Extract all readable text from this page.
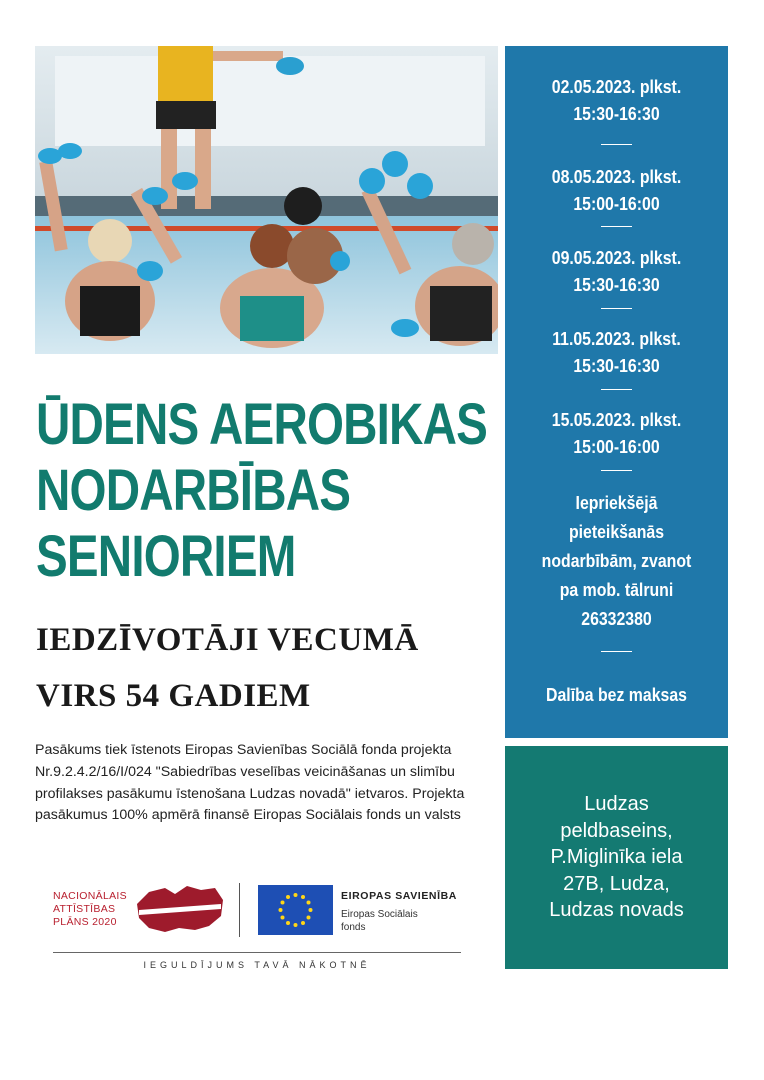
ŪDENS AEROBIKAS
NODARBĪBAS
SENIORIEM
IEDZĪVOTĀJI VECUMĀ
VIRS 54 GADIEM
Pasākums tiek īstenots Eiropas Savienības Sociālā fonda projekta Nr.9.2.4.2/16/I/024 "Sabiedrības veselības veicināšanas un slimību profilakses pasākumu īstenošana Ludzas novadā" ietvaros. Projekta pasākumus 100% apmērā finansē Eiropas Sociālais fonds un valsts
NACIONĀLAIS
ATTĪSTĪBAS
PLĀNS 2020
EIROPAS SAVIENĪBA
Eiropas Sociālais
fonds
IEGULDĪJUMS TAVĀ NĀKOTNĒ
02.05.2023. plkst.
15:30-16:30
08.05.2023. plkst.
15:00-16:00
09.05.2023. plkst.
15:30-16:30
11.05.2023. plkst.
15:30-16:30
15.05.2023. plkst.
15:00-16:00
Iepriekšējā
pieteikšanās
nodarbībām, zvanot
pa mob. tālruni
26332380
Dalība bez maksas
Ludzas
peldbaseins,
P.Miglinīka iela
27B, Ludza,
Ludzas novads
